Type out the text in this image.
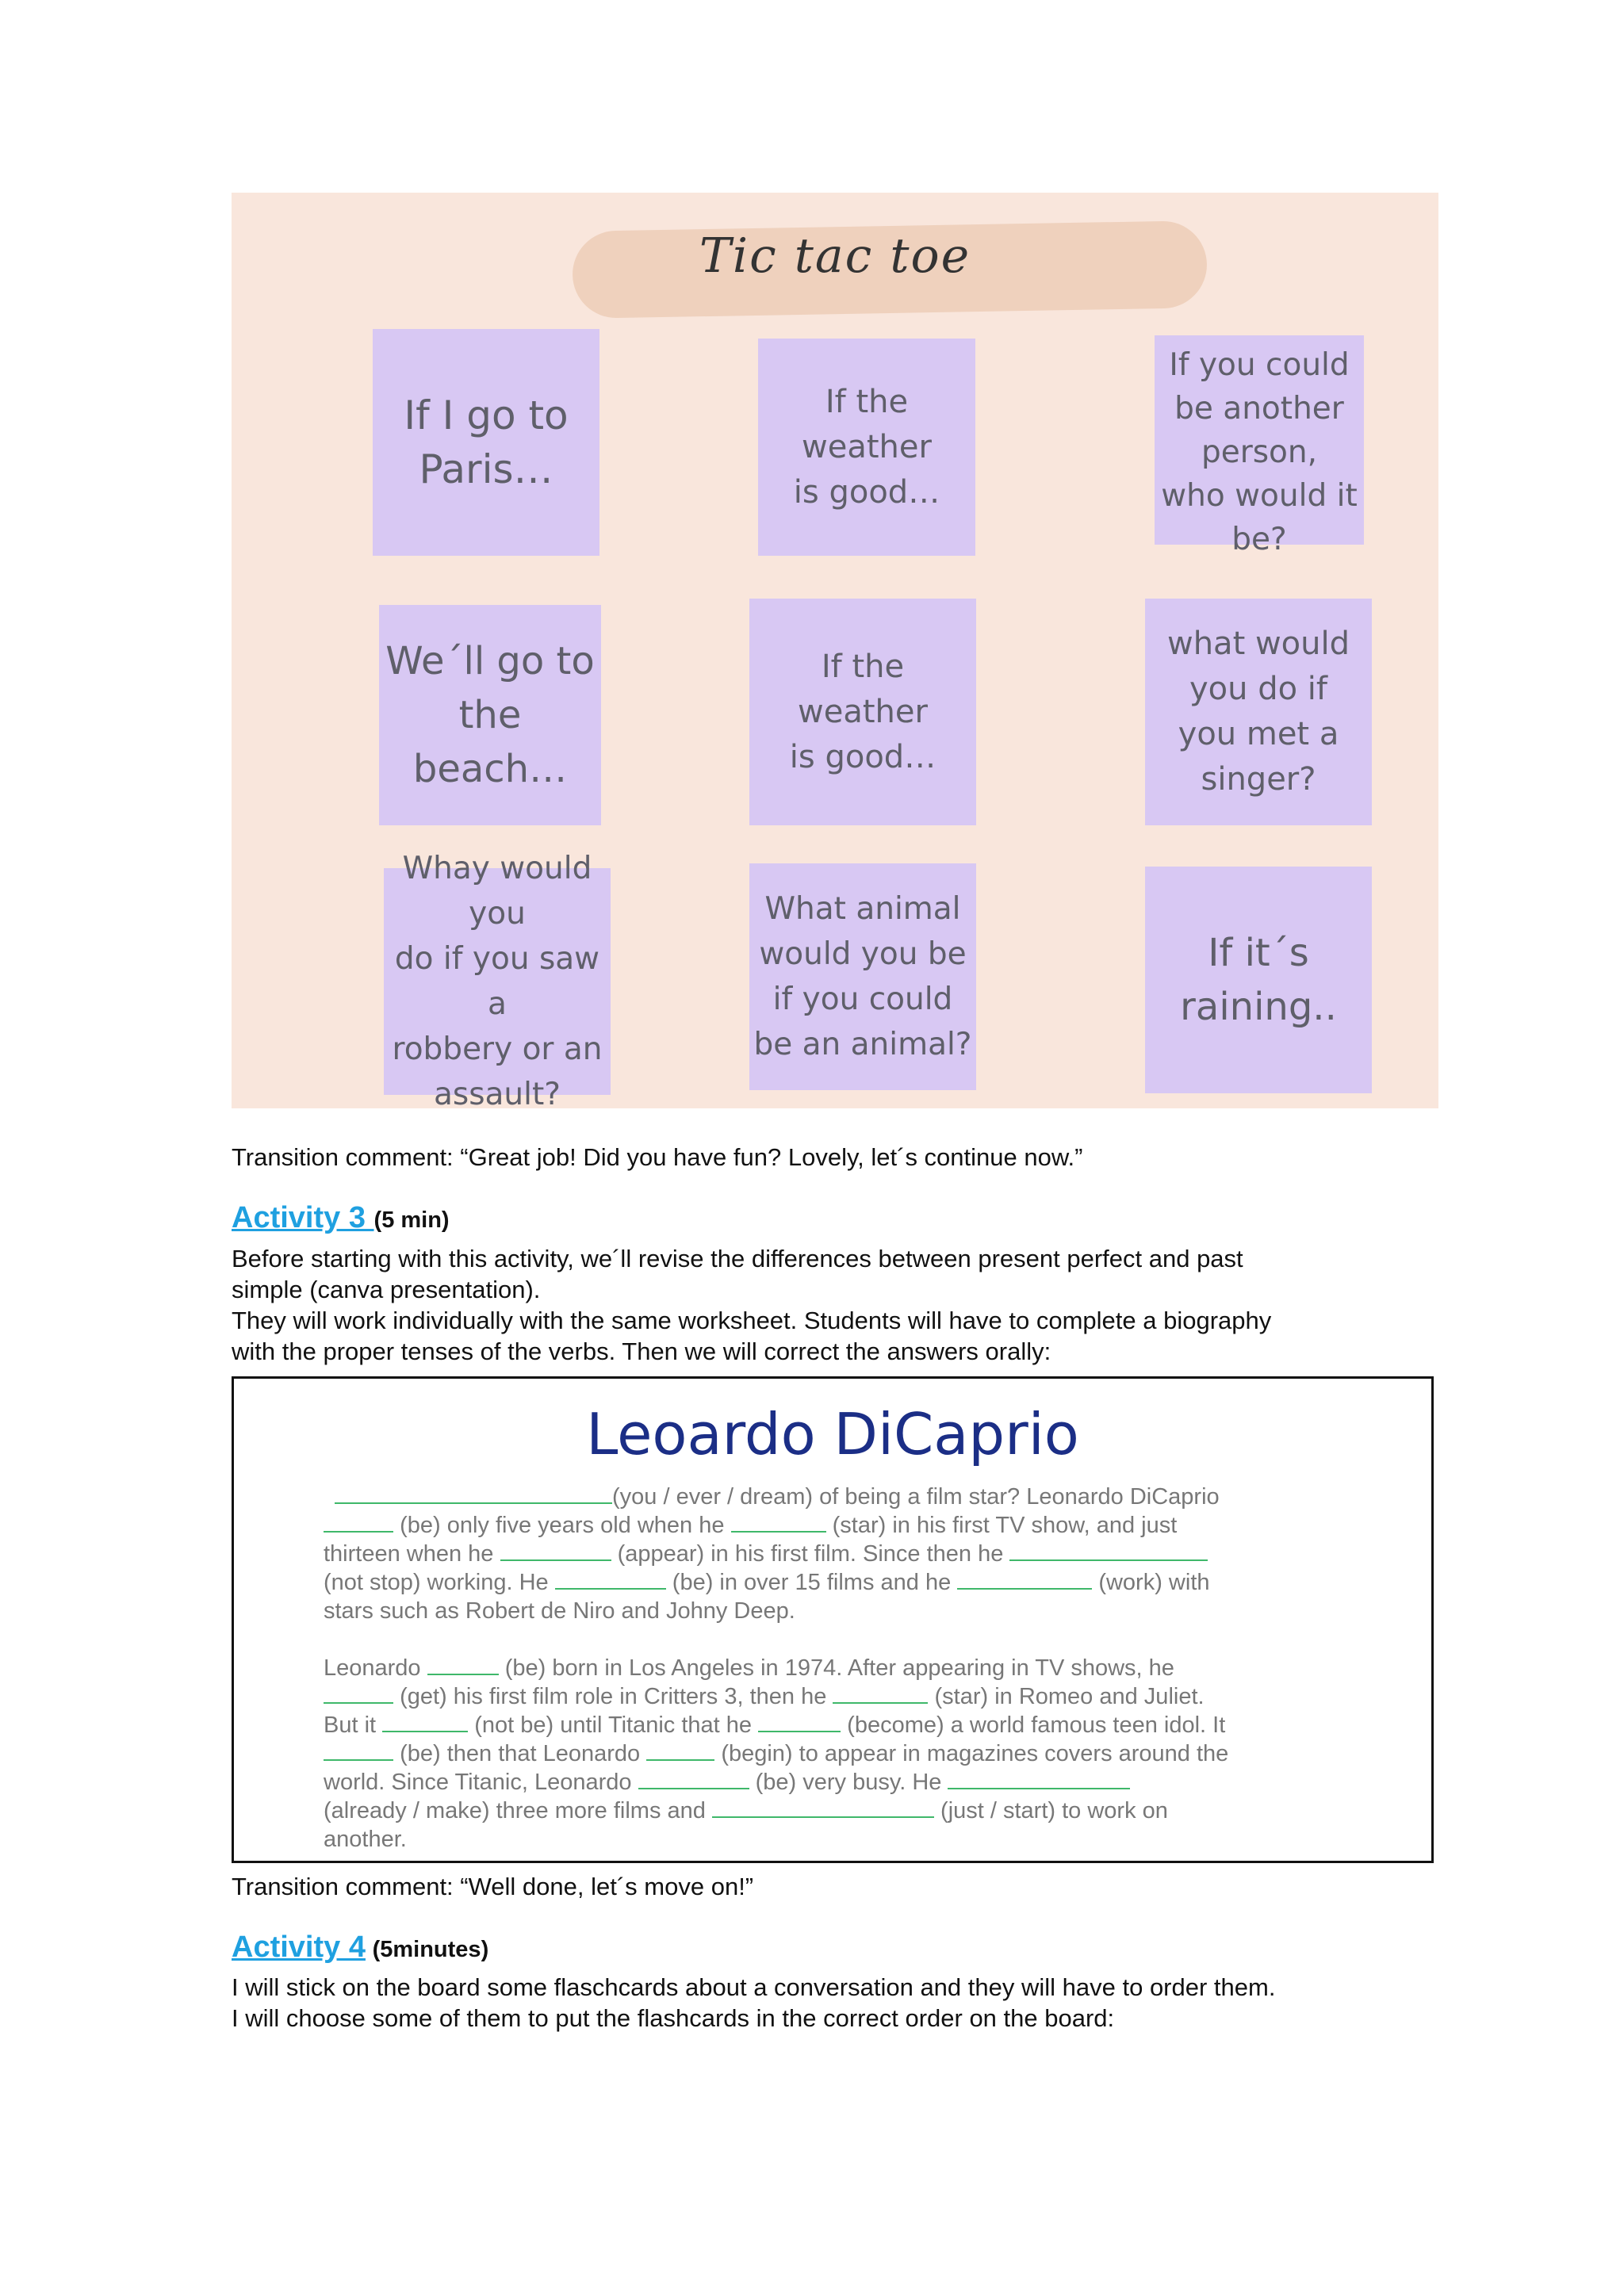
Tic tac toe
If I go to
Paris…
If the
weather
is good…
If you could
be another
person,
who would it
be?
We´ll go to
the beach…
If the
weather
is good…
what would
you do if
you met a
singer?
Whay would
you
do if you saw a
robbery or an
assault?
What animal
would you be
if you could
be an animal?
If it´s
raining..
Transition comment: “Great job! Did you have fun? Lovely, let´s continue now.”
Activity 3 (5 min)
Before starting with this activity, we´ll revise the differences between present perfect and past
simple (canva presentation).
They will work individually with the same worksheet. Students will have to complete a biography
with the proper tenses of the verbs. Then we will correct the answers orally:
Leoardo DiCaprio
(you / ever / dream) of being a film star? Leonardo DiCaprio
(be) only five years old when he	(star) in his first TV show, and just
thirteen when he	(appear) in his first film. Since then he
(not stop) working. He	(be) in over 15 films and he	(work) with
stars such as Robert de Niro and Johny Deep.
Leonardo	(be) born in Los Angeles in 1974. After appearing in TV shows, he
(get) his first film role in Critters 3, then he	(star) in Romeo and Juliet.
But it	(not be) until Titanic that he	(become) a world famous teen idol. It
(be) then that Leonardo	(begin) to appear in magazines covers around the
world. Since Titanic, Leonardo	(be) very busy. He
(already / make) three more films and	(just / start) to work on
another.
Transition comment: “Well done, let´s move on!”
Activity 4 (5minutes)
I will stick on the board some flaschcards about a conversation and they will have to order them.
I will choose some of them to put the flashcards in the correct order on the board:
